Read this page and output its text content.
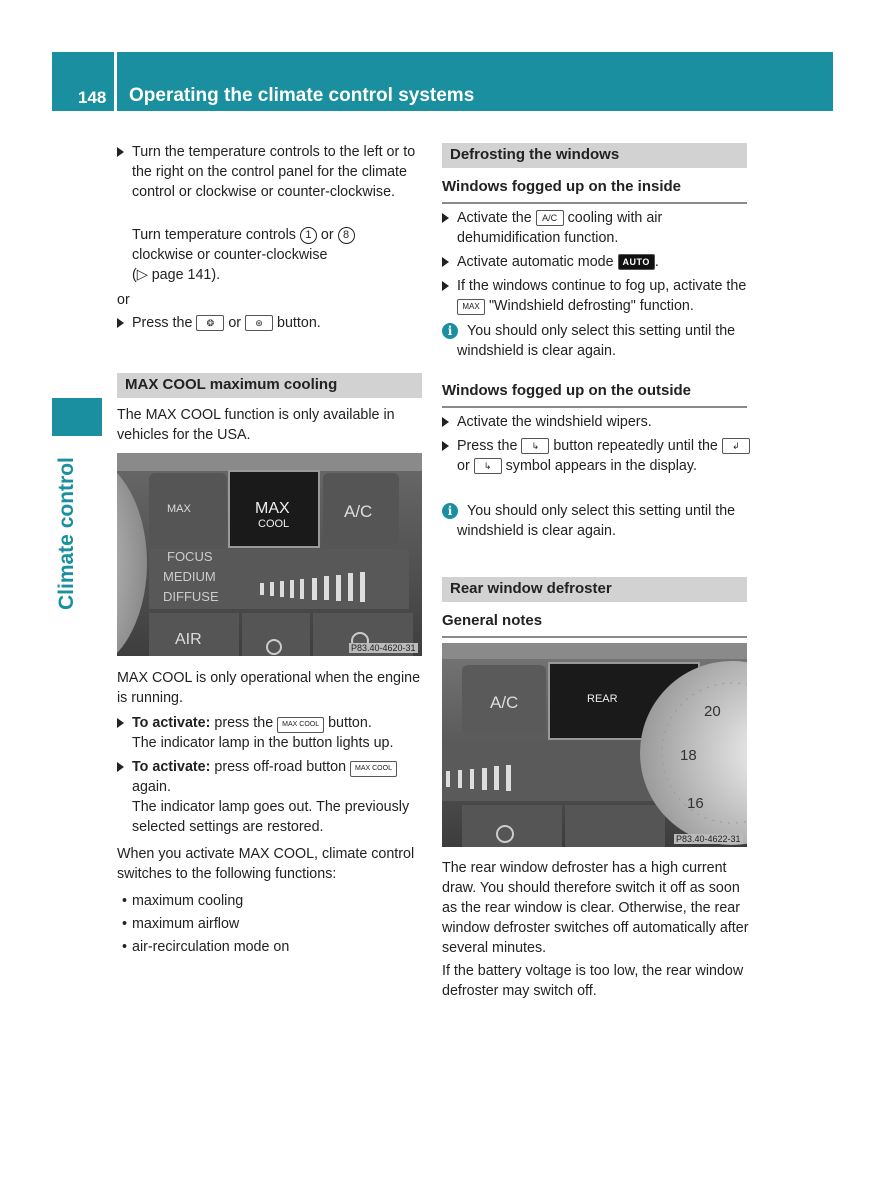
148 Operating the climate control systems
Climate control
Turn the temperature controls to the left or to the right on the control panel for the climate control or clockwise or counter-clockwise.
Turn temperature controls 1 or 8
clockwise or counter-clockwise
(▷ page 141).
or
Press the ❂ or ⊛ button.
MAX COOL maximum cooling
The MAX COOL function is only available in vehicles for the USA.
MAX	MAX
COOL
A/C
FOCUS
MEDIUM
DIFFUSE
AIR	P83.40-4620-31
MAX COOL is only operational when the engine is running.
To activate: press the MAX COOL button.
The indicator lamp in the button lights up.
To activate: press off-road button MAX COOL
again.
The indicator lamp goes out. The previously selected settings are restored.
When you activate MAX COOL, climate control switches to the following functions:
• maximum cooling
• maximum airflow
• air-recirculation mode on
Defrosting the windows
Windows fogged up on the inside
Activate the A/C cooling with air dehumidification function.
Activate automatic mode AUTO .
If the windows continue to fog up, activate the MAX "Windshield defrosting" function.
i	You should only select this setting until the windshield is clear again.
Windows fogged up on the outside
Activate the windshield wipers.
Press the ↳ button repeatedly until the ↲ or ↳ symbol appears in the display.
i	You should only select this setting until the windshield is clear again.
Rear window defroster
General notes
A/C	REAR
20
18
16
P83.40-4622-31
The rear window defroster has a high current draw. You should therefore switch it off as soon as the rear window is clear. Otherwise, the rear window defroster switches off automatically after several minutes.
If the battery voltage is too low, the rear window defroster may switch off.
